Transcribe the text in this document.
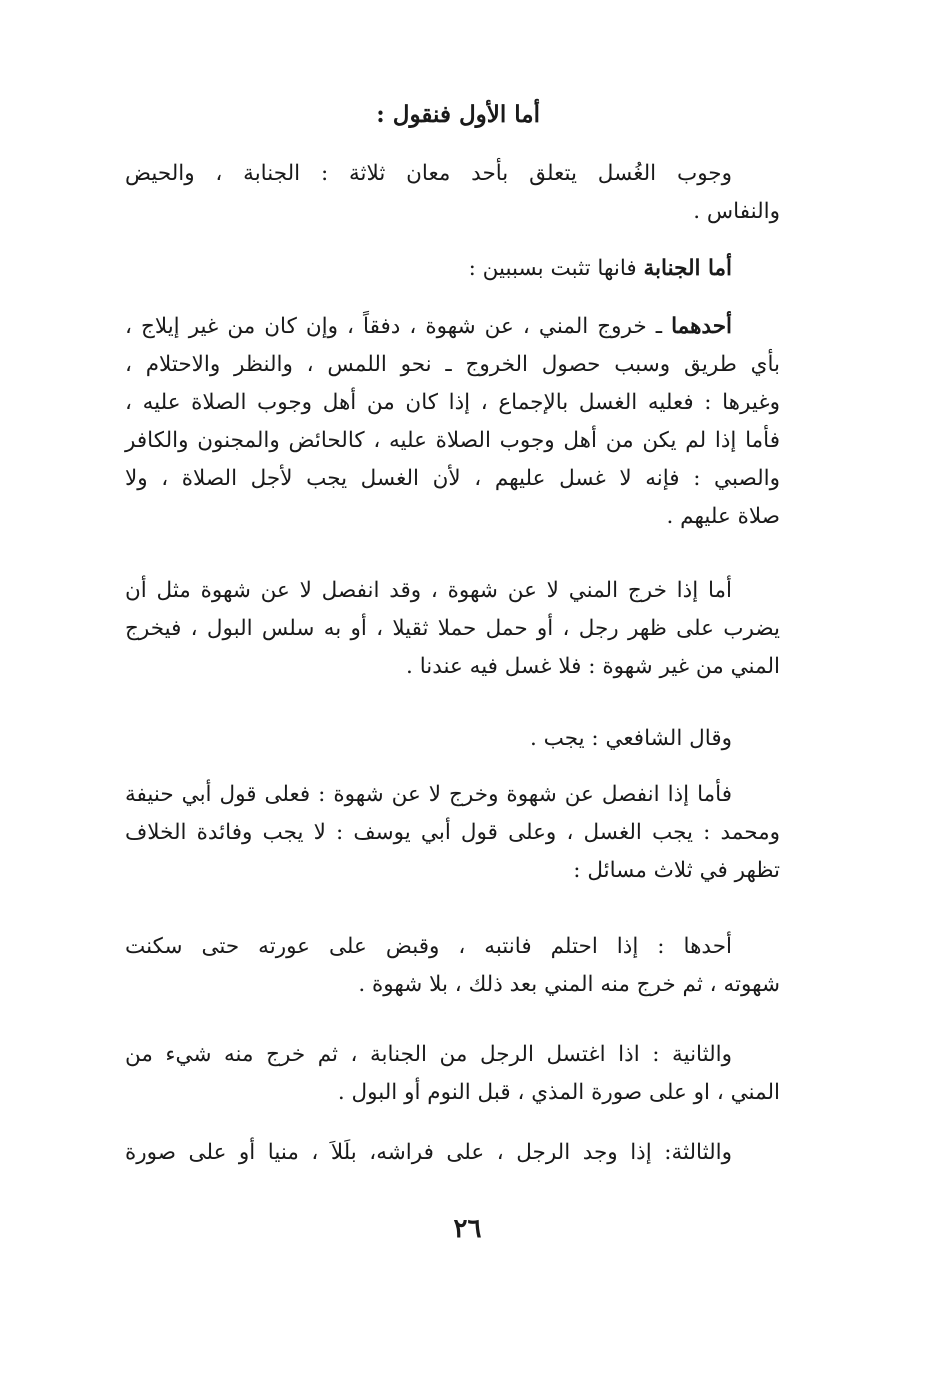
أما الأول فنقول :
وجوب الغُسل يتعلق بأحد معان ثلاثة : الجنابة ، والحيض
والنفاس .
أما الجنابة فانها تثبت بسببين :
أحدهما ـ خروج المني ، عن شهوة ، دفقاً ، وإن كان من غير إيلاج ،
بأي طريق وسبب حصول الخروج ـ نحو اللمس ، والنظر والاحتلام ،
وغيرها : فعليه الغسل بالإجماع ، إذا كان من أهل وجوب الصلاة عليه ،
فأما إذا لم يكن من أهل وجوب الصلاة عليه ، كالحائض والمجنون والكافر
والصبي : فإنه لا غسل عليهم ، لأن الغسل يجب لأجل الصلاة ، ولا
صلاة عليهم .
أما إذا خرج المني لا عن شهوة ، وقد انفصل لا عن شهوة مثل أن
يضرب على ظهر رجل ، أو حمل حملا ثقيلا ، أو به سلس البول ، فيخرج
المني من غير شهوة : فلا غسل فيه عندنا .
وقال الشافعي : يجب .
فأما إذا انفصل عن شهوة وخرج لا عن شهوة : فعلى قول أبي حنيفة
ومحمد : يجب الغسل ، وعلى قول أبي يوسف : لا يجب وفائدة الخلاف
تظهر في ثلاث مسائل :
أحدها : إذا احتلم فانتبه ، وقبض على عورته حتى سكنت
شهوته ، ثم خرج منه المني بعد ذلك ، بلا شهوة .
والثانية : اذا اغتسل الرجل من الجنابة ، ثم خرج منه شيء من
المني ، او على صورة المذي ، قبل النوم أو البول .
والثالثة: إذا وجد الرجل ، على فراشه، بلَلاَ ، منيا أو على صورة
٢٦
